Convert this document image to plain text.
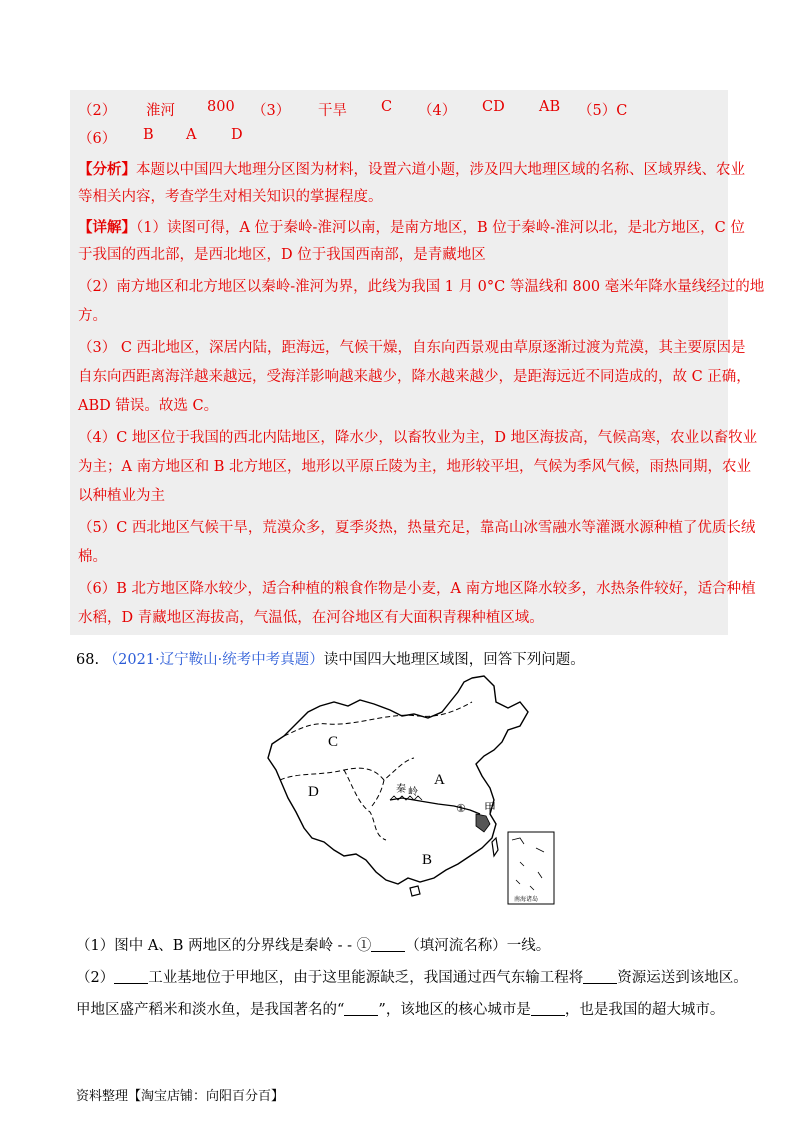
（2） 淮河 800 （3） 干旱 C （4） CD AB （5）C
（6） B A D
【分析】本题以中国四大地理分区图为材料，设置六道小题，涉及四大地理区域的名称、区域界线、农业
等相关内容，考查学生对相关知识的掌握程度。
【详解】（1）读图可得，A 位于秦岭-淮河以南，是南方地区，B 位于秦岭-淮河以北，是北方地区，C 位
于我国的西北部，是西北地区，D 位于我国西南部，是青藏地区
（2）南方地区和北方地区以秦岭-淮河为界，此线为我国 1 月 0°C 等温线和 800 毫米年降水量线经过的地
方。
（3） C 西北地区，深居内陆，距海远，气候干燥，自东向西景观由草原逐渐过渡为荒漠，其主要原因是
自东向西距离海洋越来越远，受海洋影响越来越少，降水越来越少，是距海远近不同造成的，故 C 正确，
ABD 错误。故选 C。
（4）C 地区位于我国的西北内陆地区，降水少，以畜牧业为主，D 地区海拔高，气候高寒，农业以畜牧业
为主；A 南方地区和 B 北方地区，地形以平原丘陵为主，地形较平坦，气候为季风气候，雨热同期，农业
以种植业为主
（5）C 西北地区气候干旱，荒漠众多，夏季炎热，热量充足，靠高山冰雪融水等灌溉水源种植了优质长绒
棉。
（6）B 北方地区降水较少，适合种植的粮食作物是小麦，A 南方地区降水较多，水热条件较好，适合种植
水稻，D 青藏地区海拔高，气温低，在河谷地区有大面积青稞种植区域。
68. （2021·辽宁鞍山·统考中考真题）读中国四大地理区域图，回答下列问题。
C
A
D
B
秦 岭
① 甲
南海诸岛
（1）图中 A、B 两地区的分界线是秦岭 - - ① （填河流名称）一线。
（2） 工业基地位于甲地区，由于这里能源缺乏，我国通过西气东输工程将 资源运送到该地区。
甲地区盛产稻米和淡水鱼，是我国著名的“ ”，该地区的核心城市是 ，也是我国的超大城市。
资料整理【淘宝店铺：向阳百分百】
